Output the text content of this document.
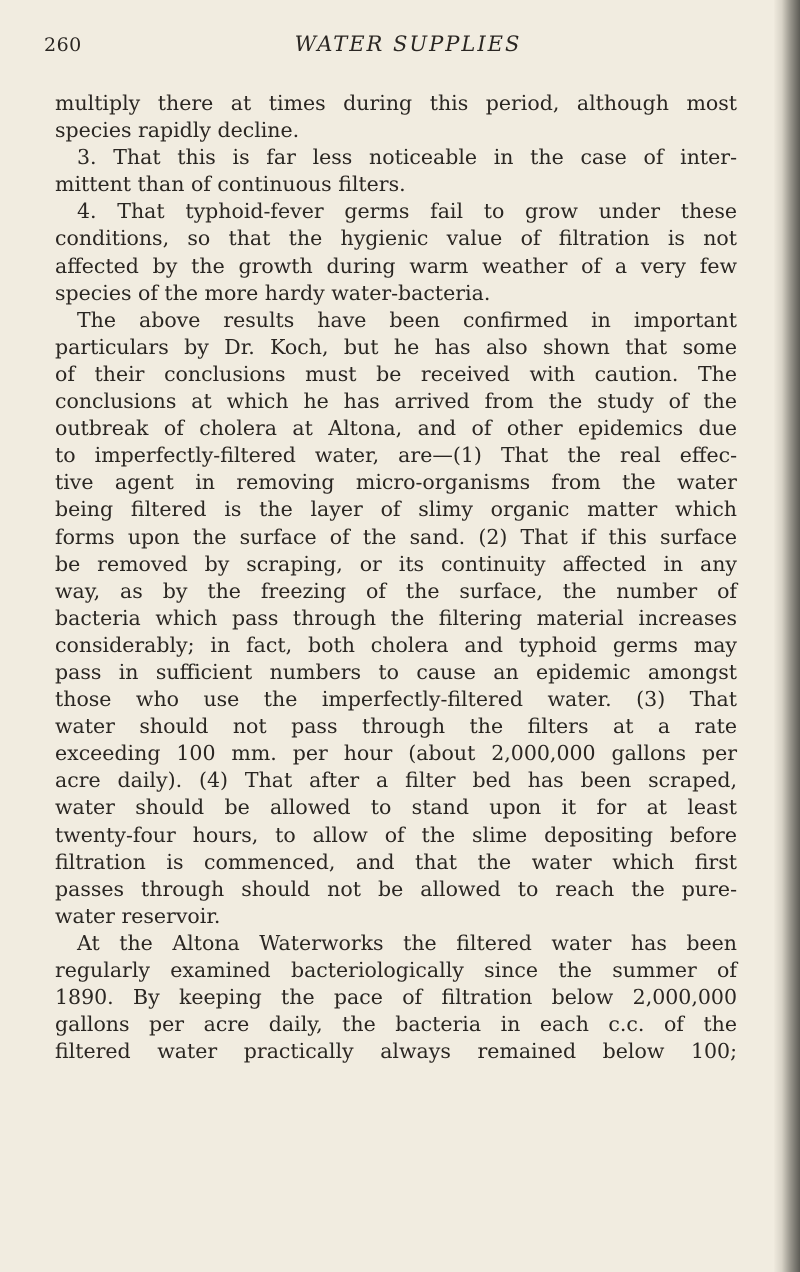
260	WATER SUPPLIES
multiply there at times during this period, although most
species rapidly decline.
3. That this is far less noticeable in the case of inter-
mittent than of continuous filters.
4. That typhoid-fever germs fail to grow under these
conditions, so that the hygienic value of filtration is not
affected by the growth during warm weather of a very few
species of the more hardy water-bacteria.
The above results have been confirmed in important
particulars by Dr. Koch, but he has also shown that some
of their conclusions must be received with caution. The
conclusions at which he has arrived from the study of the
outbreak of cholera at Altona, and of other epidemics due
to imperfectly-filtered water, are—(1) That the real effec-
tive agent in removing micro-organisms from the water
being filtered is the layer of slimy organic matter which
forms upon the surface of the sand. (2) That if this surface
be removed by scraping, or its continuity affected in any
way, as by the freezing of the surface, the number of
bacteria which pass through the filtering material increases
considerably; in fact, both cholera and typhoid germs may
pass in sufficient numbers to cause an epidemic amongst
those who use the imperfectly-filtered water. (3) That
water should not pass through the filters at a rate
exceeding 100 mm. per hour (about 2,000,000 gallons per
acre daily). (4) That after a filter bed has been scraped,
water should be allowed to stand upon it for at least
twenty-four hours, to allow of the slime depositing before
filtration is commenced, and that the water which first
passes through should not be allowed to reach the pure-
water reservoir.
At the Altona Waterworks the filtered water has been
regularly examined bacteriologically since the summer of
1890. By keeping the pace of filtration below 2,000,000
gallons per acre daily, the bacteria in each c.c. of the
filtered water practically always remained below 100;
